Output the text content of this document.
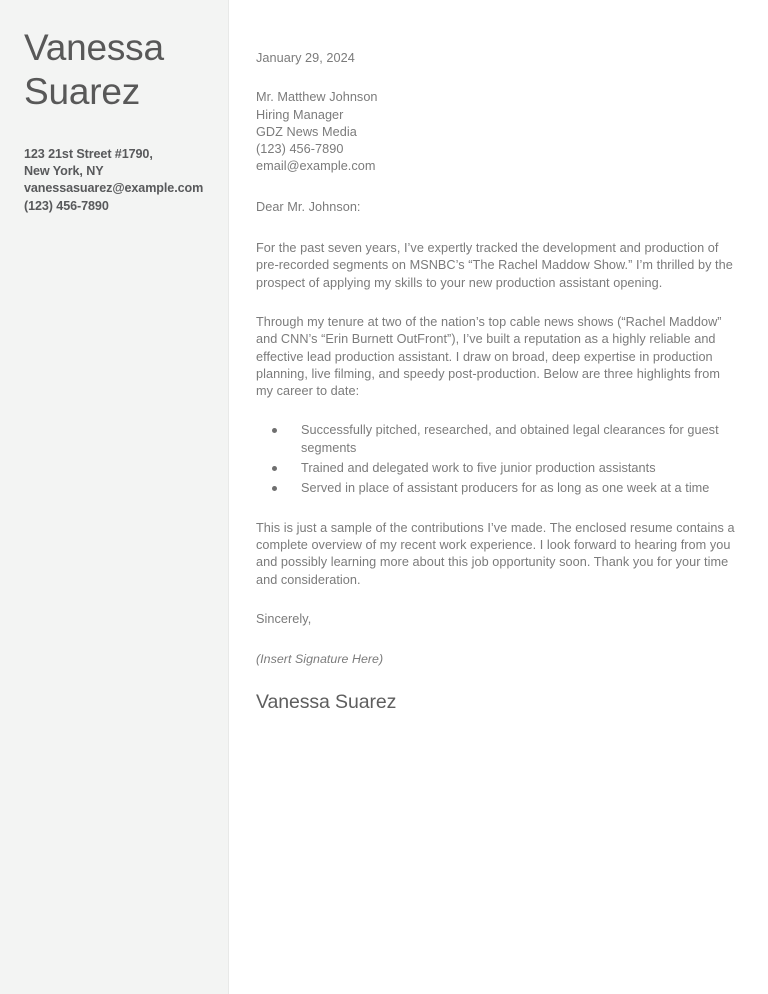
Vanessa
Suarez
123 21st Street #1790,
New York, NY
vanessasuarez@example.com
(123) 456-7890
January 29, 2024
Mr. Matthew Johnson
Hiring Manager
GDZ News Media
(123) 456-7890
email@example.com
Dear Mr. Johnson:

For the past seven years, I’ve expertly tracked the development and production of pre-recorded segments on MSNBC’s “The Rachel Maddow Show.” I’m thrilled by the prospect of applying my skills to your new production assistant opening.

Through my tenure at two of the nation’s top cable news shows (“Rachel Maddow” and CNN’s “Erin Burnett OutFront”), I’ve built a reputation as a highly reliable and effective lead production assistant. I draw on broad, deep expertise in production planning, live filming, and speedy post-production. Below are three highlights from my career to date:

Successfully pitched, researched, and obtained legal clearances for guest segments
Trained and delegated work to five junior production assistants
Served in place of assistant producers for as long as one week at a time

This is just a sample of the contributions I’ve made. The enclosed resume contains a complete overview of my recent work experience. I look forward to hearing from you and possibly learning more about this job opportunity soon. Thank you for your time and consideration.

Sincerely,
(Insert Signature Here)
Vanessa Suarez
